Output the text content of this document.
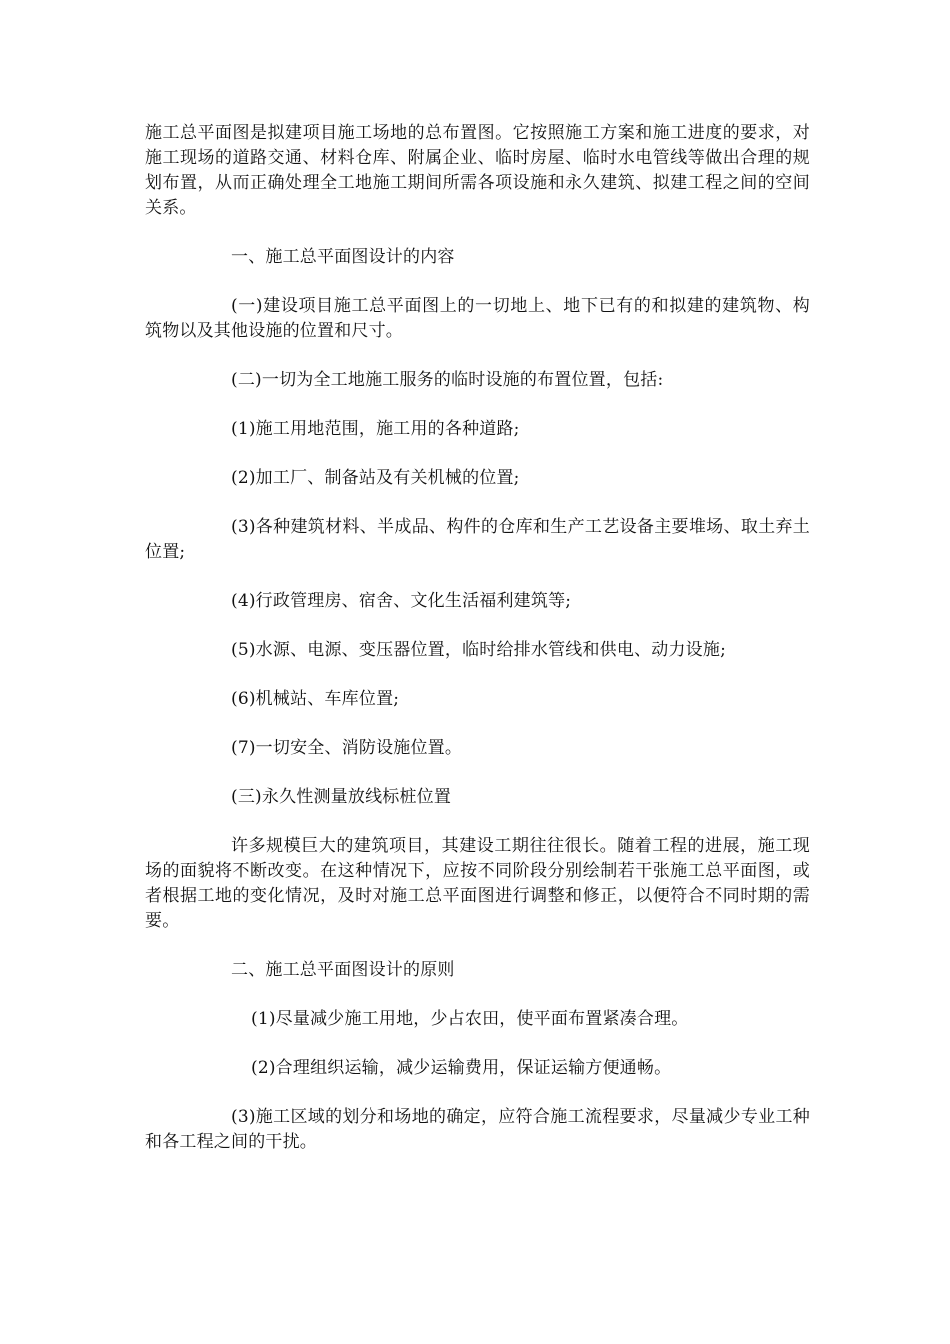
施工总平面图是拟建项目施工场地的总布置图。它按照施工方案和施工进度的要求，对施工现场的道路交通、材料仓库、附属企业、临时房屋、临时水电管线等做出合理的规划布置，从而正确处理全工地施工期间所需各项设施和永久建筑、拟建工程之间的空间关系。

一、施工总平面图设计的内容

(一)建设项目施工总平面图上的一切地上、地下已有的和拟建的建筑物、构筑物以及其他设施的位置和尺寸。

(二)一切为全工地施工服务的临时设施的布置位置，包括:

(1)施工用地范围，施工用的各种道路;

(2)加工厂、制备站及有关机械的位置;

(3)各种建筑材料、半成品、构件的仓库和生产工艺设备主要堆场、取土弃土位置;

(4)行政管理房、宿舍、文化生活福利建筑等;

(5)水源、电源、变压器位置，临时给排水管线和供电、动力设施;

(6)机械站、车库位置;

(7)一切安全、消防设施位置。

(三)永久性测量放线标桩位置

许多规模巨大的建筑项目，其建设工期往往很长。随着工程的进展，施工现场的面貌将不断改变。在这种情况下，应按不同阶段分别绘制若干张施工总平面图，或者根据工地的变化情况，及时对施工总平面图进行调整和修正，以便符合不同时期的需要。

二、施工总平面图设计的原则

(1)尽量减少施工用地，少占农田，使平面布置紧凑合理。

(2)合理组织运输，减少运输费用，保证运输方便通畅。

(3)施工区域的划分和场地的确定，应符合施工流程要求，尽量减少专业工种和各工程之间的干扰。
